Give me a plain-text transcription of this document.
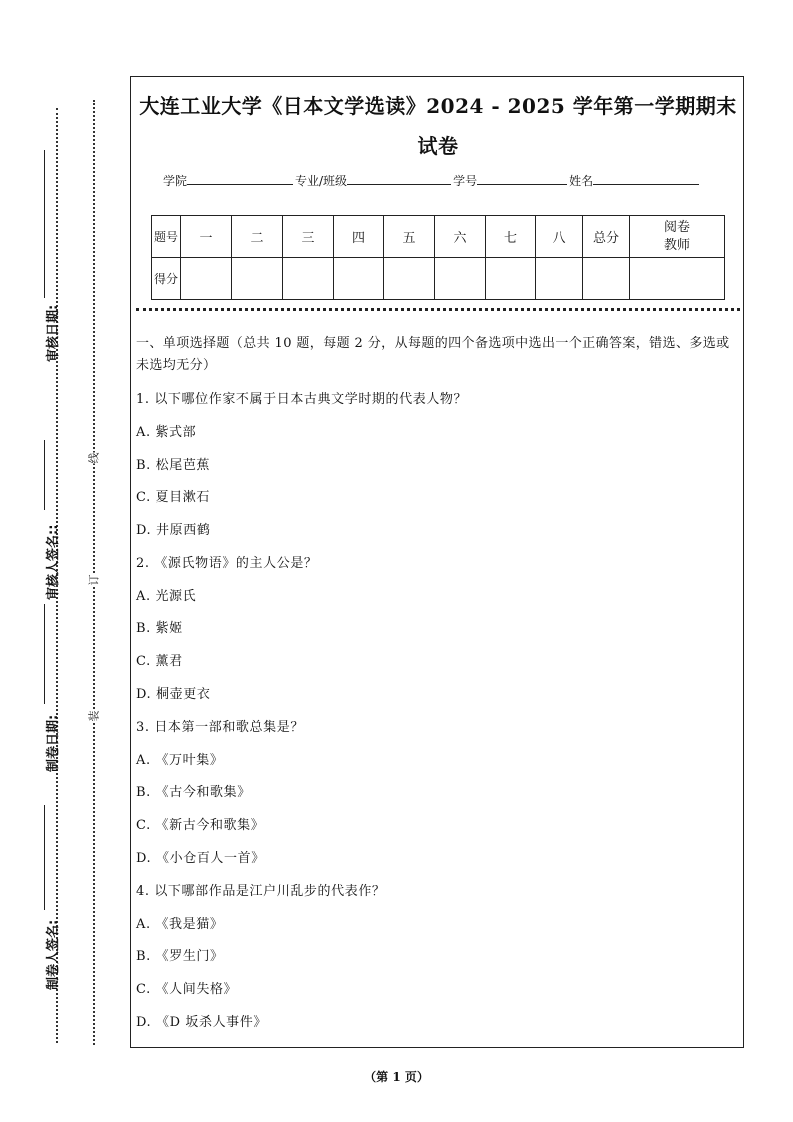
审核日期:
审核人签名::
制卷日期:
制卷人签名:
线
订
装
大连工业大学《日本文学选读》2024 - 2025 学年第一学期期末试卷
学院	专业/班级	学号	姓名
题号	一	二	三	四	五	六	七	八	总分	阅卷教师
得分										
一、单项选择题（总共 10 题，每题 2 分，从每题的四个备选项中选出一个正确答案，错选、多选或未选均无分）
1. 以下哪位作家不属于日本古典文学时期的代表人物？
A. 紫式部
B. 松尾芭蕉
C. 夏目漱石
D. 井原西鹤
2. 《源氏物语》的主人公是？
A. 光源氏
B. 紫姬
C. 薰君
D. 桐壶更衣
3. 日本第一部和歌总集是？
A. 《万叶集》
B. 《古今和歌集》
C. 《新古今和歌集》
D. 《小仓百人一首》
4. 以下哪部作品是江户川乱步的代表作？
A. 《我是猫》
B. 《罗生门》
C. 《人间失格》
D. 《D 坂杀人事件》
（第 1 页）
